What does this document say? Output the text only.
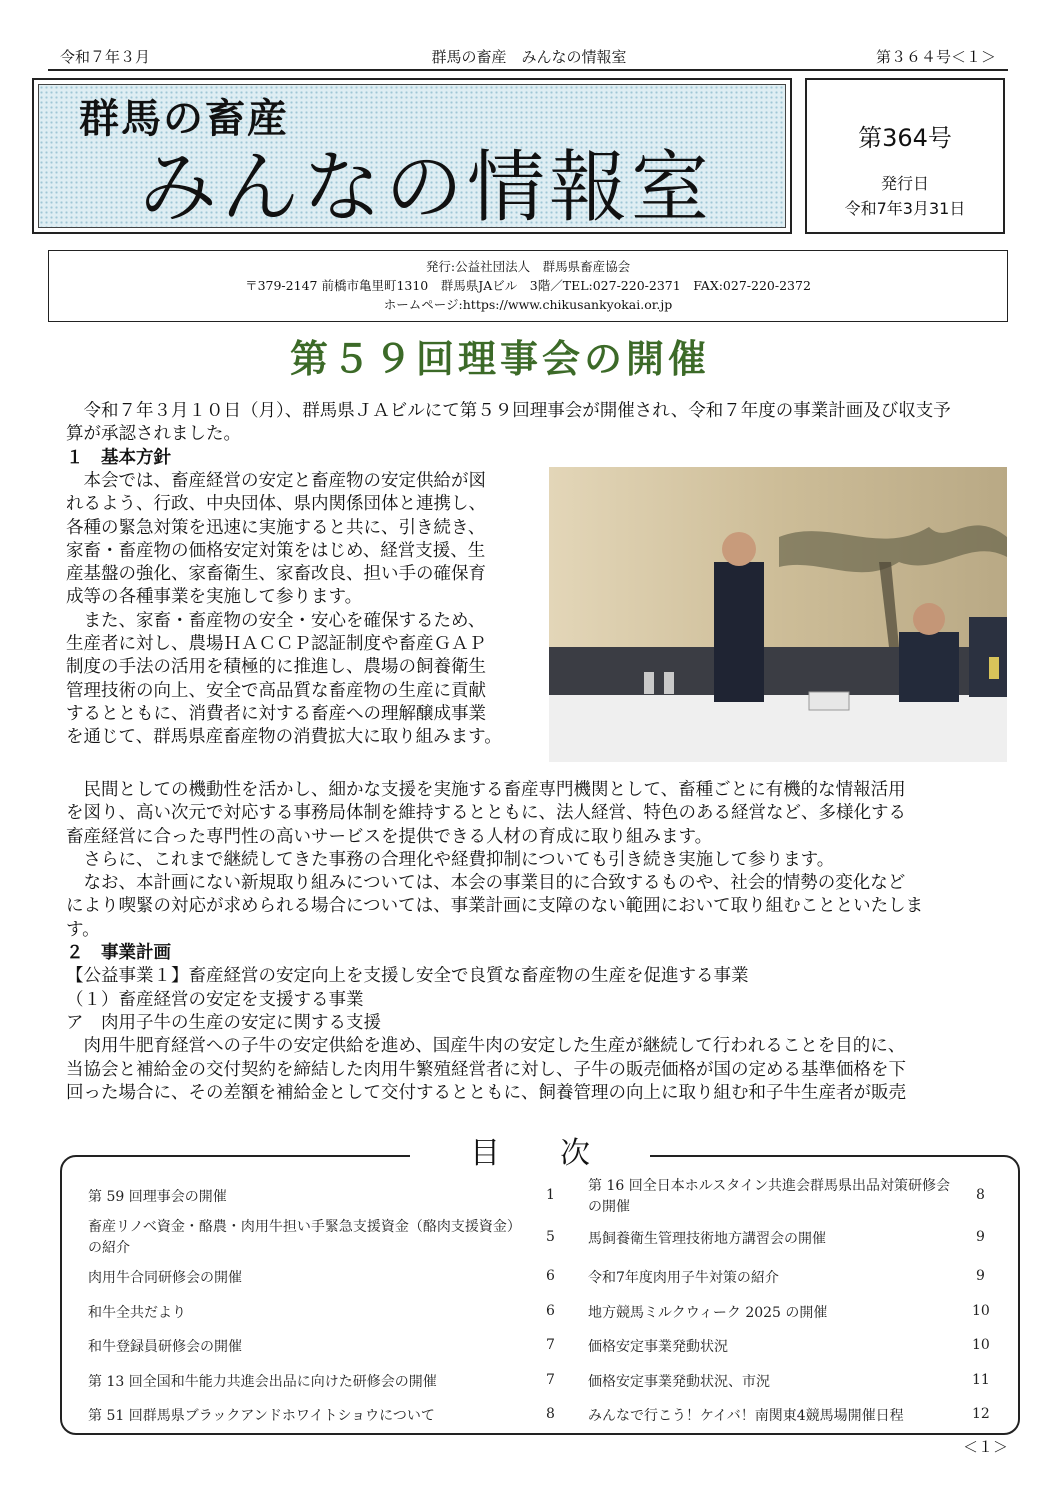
令和７年３月	群馬の畜産　みんなの情報室	第３６４号＜１＞
群馬の畜産
みんなの情報室
第364号
発行日
令和7年3月31日
発行:公益社団法人　群馬県畜産協会
〒379-2147 前橋市亀里町1310　群馬県JAビル　3階／TEL:027-220-2371　FAX:027-220-2372
ホームページ:https://www.chikusankyokai.or.jp
第５９回理事会の開催
　令和７年３月１０日（月）、群馬県ＪＡビルにて第５９回理事会が開催され、令和７年度の事業計画及び収支予
算が承認されました。
１　基本方針
　本会では、畜産経営の安定と畜産物の安定供給が図
れるよう、行政、中央団体、県内関係団体と連携し、
各種の緊急対策を迅速に実施すると共に、引き続き、
家畜・畜産物の価格安定対策をはじめ、経営支援、生
産基盤の強化、家畜衛生、家畜改良、担い手の確保育
成等の各種事業を実施して参ります。
　また、家畜・畜産物の安全・安心を確保するため、
生産者に対し、農場ＨＡＣＣＰ認証制度や畜産ＧＡＰ
制度の手法の活用を積極的に推進し、農場の飼養衛生
管理技術の向上、安全で高品質な畜産物の生産に貢献
するとともに、消費者に対する畜産への理解醸成事業
を通じて、群馬県産畜産物の消費拡大に取り組みます。
　民間としての機動性を活かし、細かな支援を実施する畜産専門機関として、畜種ごとに有機的な情報活用
を図り、高い次元で対応する事務局体制を維持するとともに、法人経営、特色のある経営など、多様化する
畜産経営に合った専門性の高いサービスを提供できる人材の育成に取り組みます。
　さらに、これまで継続してきた事務の合理化や経費抑制についても引き続き実施して参ります。
　なお、本計画にない新規取り組みについては、本会の事業目的に合致するものや、社会的情勢の変化など
により喫緊の対応が求められる場合については、事業計画に支障のない範囲において取り組むことといたしま
す。
２　事業計画
【公益事業１】畜産経営の安定向上を支援し安全で良質な畜産物の生産を促進する事業
（１）畜産経営の安定を支援する事業
ア　肉用子牛の生産の安定に関する支援
　肉用牛肥育経営への子牛の安定供給を進め、国産牛肉の安定した生産が継続して行われることを目的に、
当協会と補給金の交付契約を締結した肉用牛繁殖経営者に対し、子牛の販売価格が国の定める基準価格を下
回った場合に、その差額を補給金として交付するとともに、飼養管理の向上に取り組む和子牛生産者が販売
目次
第 59 回理事会の開催	1
畜産リノベ資金・酪農・肉用牛担い手緊急支援資金（酪肉支援資金）の紹介
5
肉用牛合同研修会の開催	6
和牛全共だより	6
和牛登録員研修会の開催	7
第 13 回全国和牛能力共進会出品に向けた研修会の開催	7
第 51 回群馬県ブラックアンドホワイトショウについて	8
第 16 回全日本ホルスタイン共進会群馬県出品対策研修会の開催
8
馬飼養衛生管理技術地方講習会の開催	9
令和7年度肉用子牛対策の紹介	9
地方競馬ミルクウィーク 2025 の開催	10
価格安定事業発動状況	10
価格安定事業発動状況、市況	11
みんなで行こう！ケイバ！南関東4競馬場開催日程	12
＜１＞
